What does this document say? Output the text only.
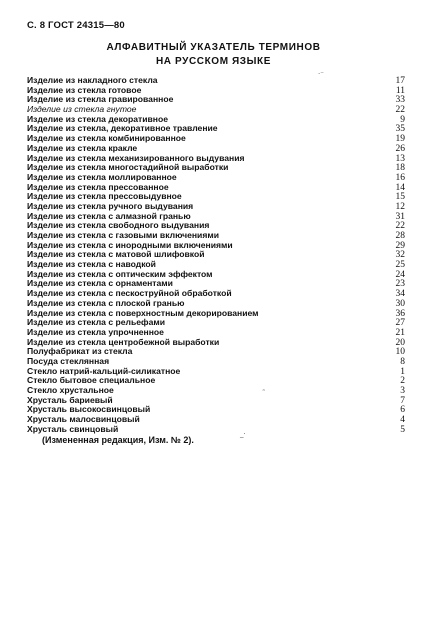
С. 8 ГОСТ 24315—80
АЛФАВИТНЫЙ УКАЗАТЕЛЬ ТЕРМИНОВ
НА РУССКОМ ЯЗЫКЕ
Изделие из накладного стекла	17
Изделие из стекла готовое	11
Изделие из стекла гравированное	33
Изделие из стекла гнутое	22
Изделие из стекла декоративное	9
Изделие из стекла, декоративное травление	35
Изделие из стекла комбинированное	19
Изделие из стекла кракле	26
Изделие из стекла механизированного выдувания	13
Изделие из стекла многостадийной выработки	18
Изделие из стекла моллированное	16
Изделие из стекла прессованное	14
Изделие из стекла прессовыдувное	15
Изделие из стекла ручного выдувания	12
Изделие из стекла с алмазной гранью	31
Изделие из стекла свободного выдувания	22
Изделие из стекла с газовыми включениями	28
Изделие из стекла с инородными включениями	29
Изделие из стекла с матовой шлифовкой	32
Изделие из стекла с наводкой	25
Изделие из стекла с оптическим эффектом	24
Изделие из стекла с орнаментами	23
Изделие из стекла с пескоструйной обработкой	34
Изделие из стекла с плоской гранью	30
Изделие из стекла с поверхностным декорированием	36
Изделие из стекла с рельефами	27
Изделие из стекла упрочненное	21
Изделие из стекла центробежной выработки	20
Полуфабрикат из стекла	10
Посуда стеклянная	8
Стекло натрий-кальций-силикатное	1
Стекло бытовое специальное	2
Стекло хрустальное	3
Хрусталь бариевый	7
Хрусталь высокосвинцовый	6
Хрусталь малосвинцовый	4
Хрусталь свинцовый	5
(Измененная редакция, Изм. № 2).
·⁻
˜
_·
